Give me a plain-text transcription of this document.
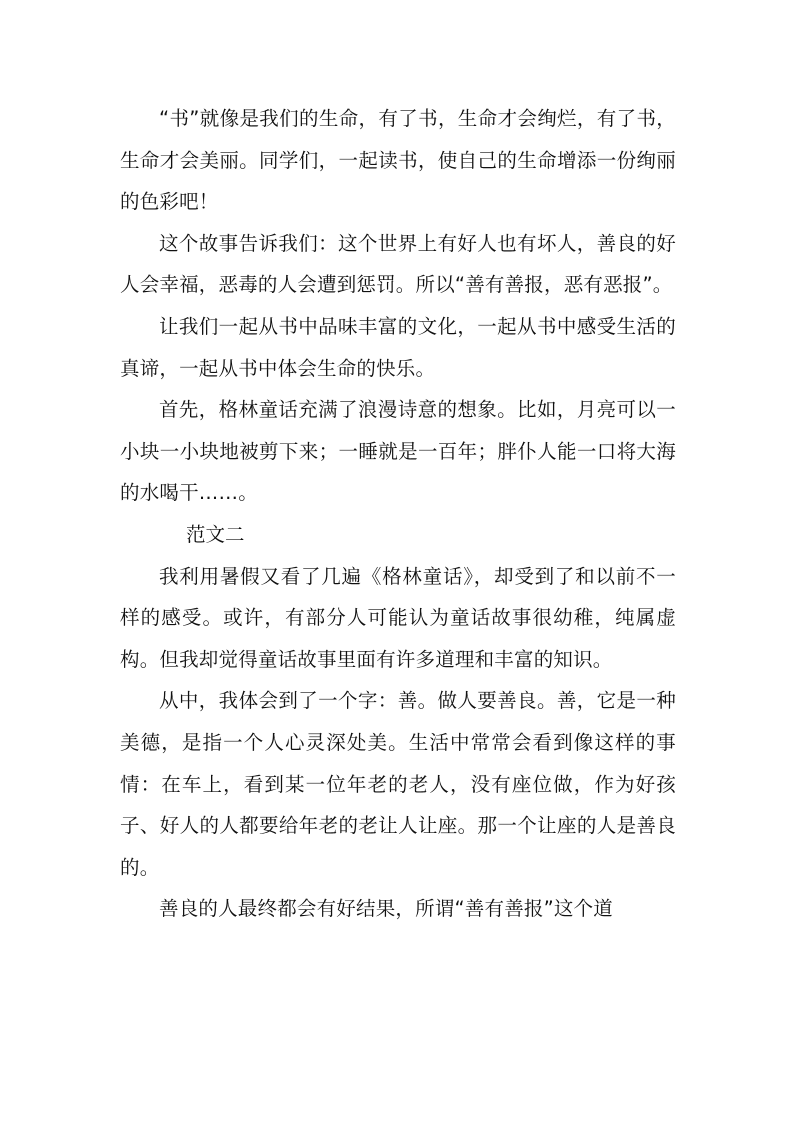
“书”就像是我们的生命，有了书，生命才会绚烂，有了书，生命才会美丽。同学们，一起读书，使自己的生命增添一份绚丽的色彩吧！

这个故事告诉我们：这个世界上有好人也有坏人，善良的好人会幸福，恶毒的人会遭到惩罚。所以“善有善报，恶有恶报”。

让我们一起从书中品味丰富的文化，一起从书中感受生活的真谛，一起从书中体会生命的快乐。

首先，格林童话充满了浪漫诗意的想象。比如，月亮可以一小块一小块地被剪下来；一睡就是一百年；胖仆人能一口将大海的水喝干……。

范文二

我利用暑假又看了几遍《格林童话》，却受到了和以前不一样的感受。或许，有部分人可能认为童话故事很幼稚，纯属虚构。但我却觉得童话故事里面有许多道理和丰富的知识。

从中，我体会到了一个字：善。做人要善良。善，它是一种美德，是指一个人心灵深处美。生活中常常会看到像这样的事情：在车上，看到某一位年老的老人，没有座位做，作为好孩子、好人的人都要给年老的老让人让座。那一个让座的人是善良的。

善良的人最终都会有好结果，所谓“善有善报”这个道
